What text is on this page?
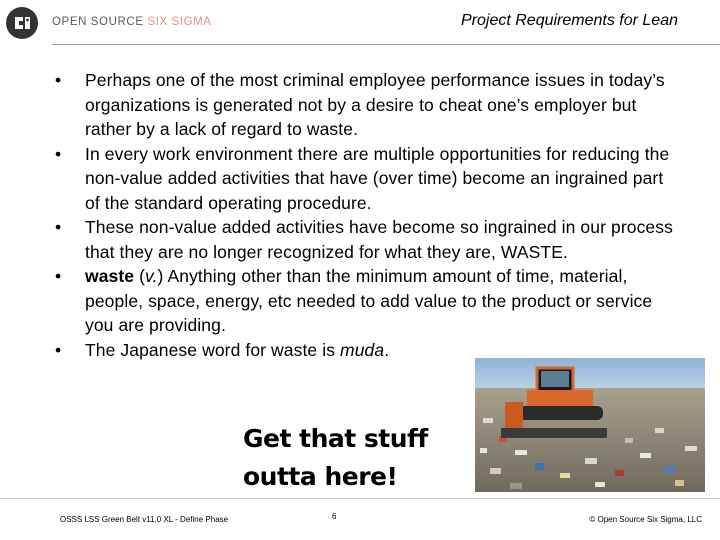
OPEN SOURCE SIX SIGMA	Project Requirements for Lean
•	Perhaps one of the most criminal employee performance issues in today’s organizations is generated not by a desire to cheat one’s employer but rather by a lack of regard to waste.
•	In every work environment there are multiple opportunities for reducing the non-value added activities that have (over time) become an ingrained part of the standard operating procedure.
•	These non-value added activities have become so ingrained in our process that they are no longer recognized for what they are, WASTE.
•	waste (v.) Anything other than the minimum amount of time, material, people, space, energy, etc needed to add value to the product or service you are providing.
•	The Japanese word for waste is muda.
Get that stuff
outta here!
OSSS LSS Green Belt v11.0 XL - Define Phase	6	© Open Source Six Sigma, LLC
